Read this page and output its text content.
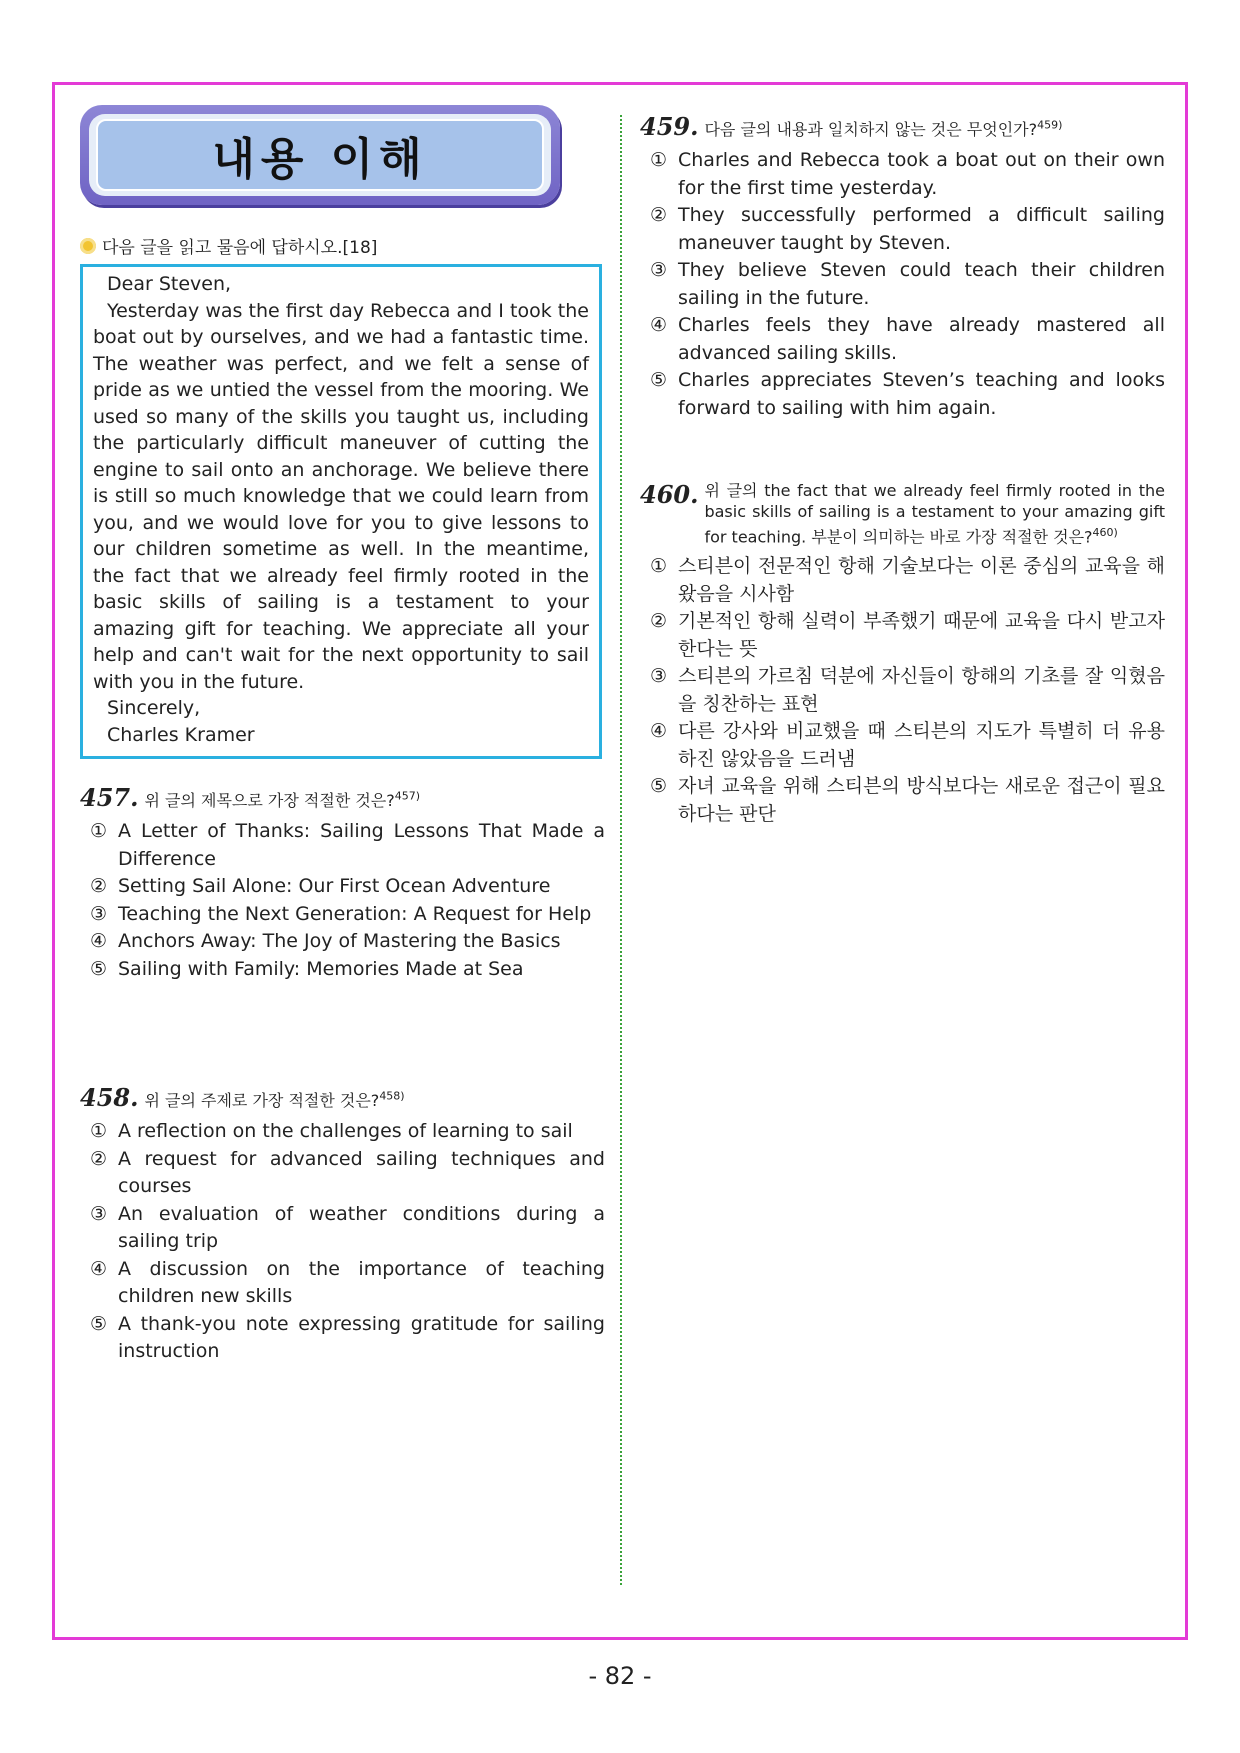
내용 이해
다음 글을 읽고 물음에 답하시오.[18]

Dear Steven,

Yesterday was the first day Rebecca and I took the boat out by ourselves, and we had a fantastic time. The weather was perfect, and we felt a sense of pride as we untied the vessel from the mooring. We used so many of the skills you taught us, including the particularly difficult maneuver of cutting the engine to sail onto an anchorage. We believe there is still so much knowledge that we could learn from you, and we would love for you to give lessons to our children sometime as well. In the meantime, the fact that we already feel firmly rooted in the basic skills of sailing is a testament to your amazing gift for teaching. We appreciate all your help and can't wait for the next opportunity to sail with you in the future.

Sincerely,

Charles Kramer

457. 위 글의 제목으로 가장 적절한 것은?$^{457)}$
① A Letter of Thanks: Sailing Lessons That Made a Difference
② Setting Sail Alone: Our First Ocean Adventure
③ Teaching the Next Generation: A Request for Help
④ Anchors Away: The Joy of Mastering the Basics
⑤ Sailing with Family: Memories Made at Sea
458. 위 글의 주제로 가장 적절한 것은?$^{458)}$
① A reflection on the challenges of learning to sail
② A request for advanced sailing techniques and courses
③ An evaluation of weather conditions during a sailing trip
④ A discussion on the importance of teaching children new skills
⑤ A thank-you note expressing gratitude for sailing instruction
459. 다음 글의 내용과 일치하지 않는 것은 무엇인가?$^{459)}$
① Charles and Rebecca took a boat out on their own for the first time yesterday.
② They successfully performed a difficult sailing maneuver taught by Steven.
③ They believe Steven could teach their children sailing in the future.
④ Charles feels they have already mastered all advanced sailing skills.
⑤ Charles appreciates Steven’s teaching and looks forward to sailing with him again.
460. 위 글의 the fact that we already feel firmly rooted in the basic skills of sailing is a testament to your amazing gift for teaching. 부분이 의미하는 바로 가장 적절한 것은?$^{460)}$
① 스티븐이 전문적인 항해 기술보다는 이론 중심의 교육을 해왔음을 시사함
② 기본적인 항해 실력이 부족했기 때문에 교육을 다시 받고자 한다는 뜻
③ 스티븐의 가르침 덕분에 자신들이 항해의 기초를 잘 익혔음을 칭찬하는 표현
④ 다른 강사와 비교했을 때 스티븐의 지도가 특별히 더 유용하진 않았음을 드러냄
⑤ 자녀 교육을 위해 스티븐의 방식보다는 새로운 접근이 필요하다는 판단
- 82 -
